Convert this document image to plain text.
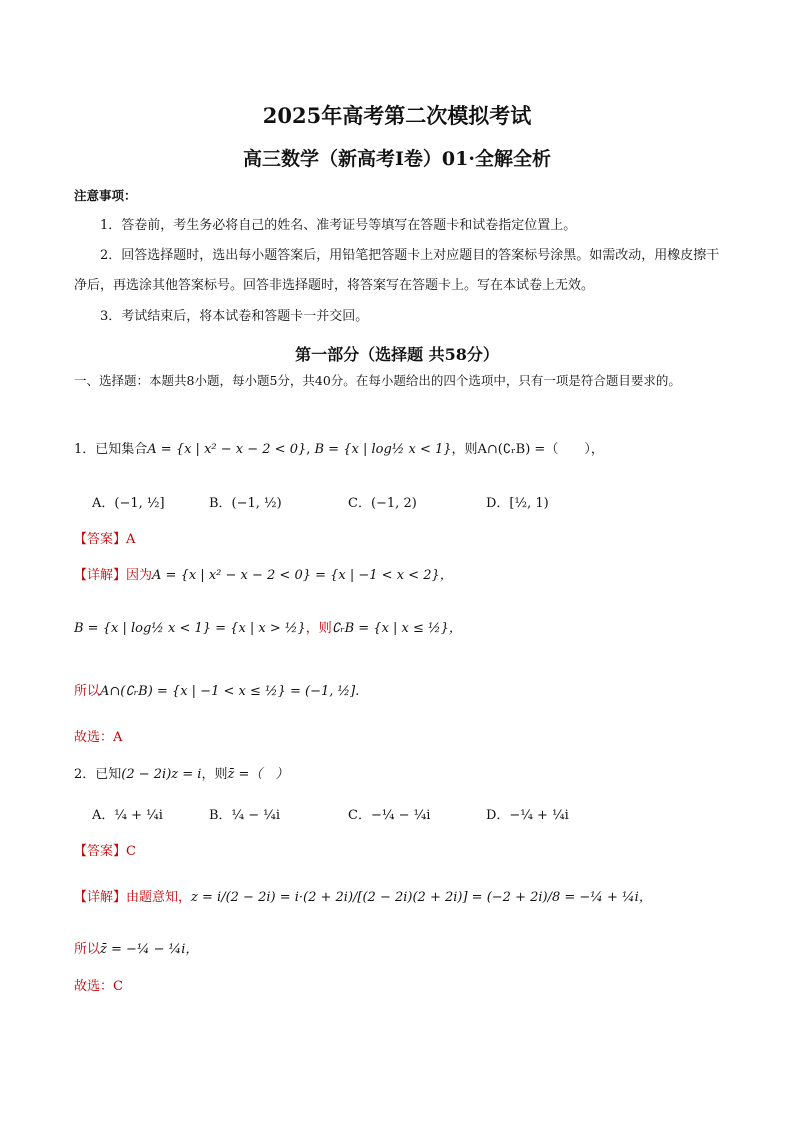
2025年高考第二次模拟考试
高三数学（新高考Ⅰ卷）01·全解全析
注意事项：
1．答卷前，考生务必将自己的姓名、准考证号等填写在答题卡和试卷指定位置上。
2．回答选择题时，选出每小题答案后，用铅笔把答题卡上对应题目的答案标号涂黑。如需改动，用橡皮擦干净后，再选涂其他答案标号。回答非选择题时，将答案写在答题卡上。写在本试卷上无效。
3．考试结束后，将本试卷和答题卡一并交回。
第一部分（选择题 共58分）
一、选择题：本题共8小题，每小题5分，共40分。在每小题给出的四个选项中，只有一项是符合题目要求的。
1．已知集合A = {x | x² − x − 2 < 0}, B = {x | log½ x < 1}，则A∩(∁ᵣB) =（　　），
A．(−1, ½]	B．(−1, ½)	C．(−1, 2)	D．[½, 1)
【答案】A
【详解】因为A = {x | x² − x − 2 < 0} = {x | −1 < x < 2}，
B = {x | log½ x < 1} = {x | x > ½}，则∁ᵣB = {x | x ≤ ½}，
所以A∩(∁ᵣB) = {x | −1 < x ≤ ½} = (−1, ½].
故选：A
2．已知(2 − 2i)z = i，则z̄ =（　）
A．¼ + ¼i	B．¼ − ¼i	C．−¼ − ¼i	D．−¼ + ¼i
【答案】C
【详解】由题意知，z = i/(2 − 2i) = i·(2 + 2i)/[(2 − 2i)(2 + 2i)] = (−2 + 2i)/8 = −¼ + ¼i，
所以z̄ = −¼ − ¼i，
故选：C
